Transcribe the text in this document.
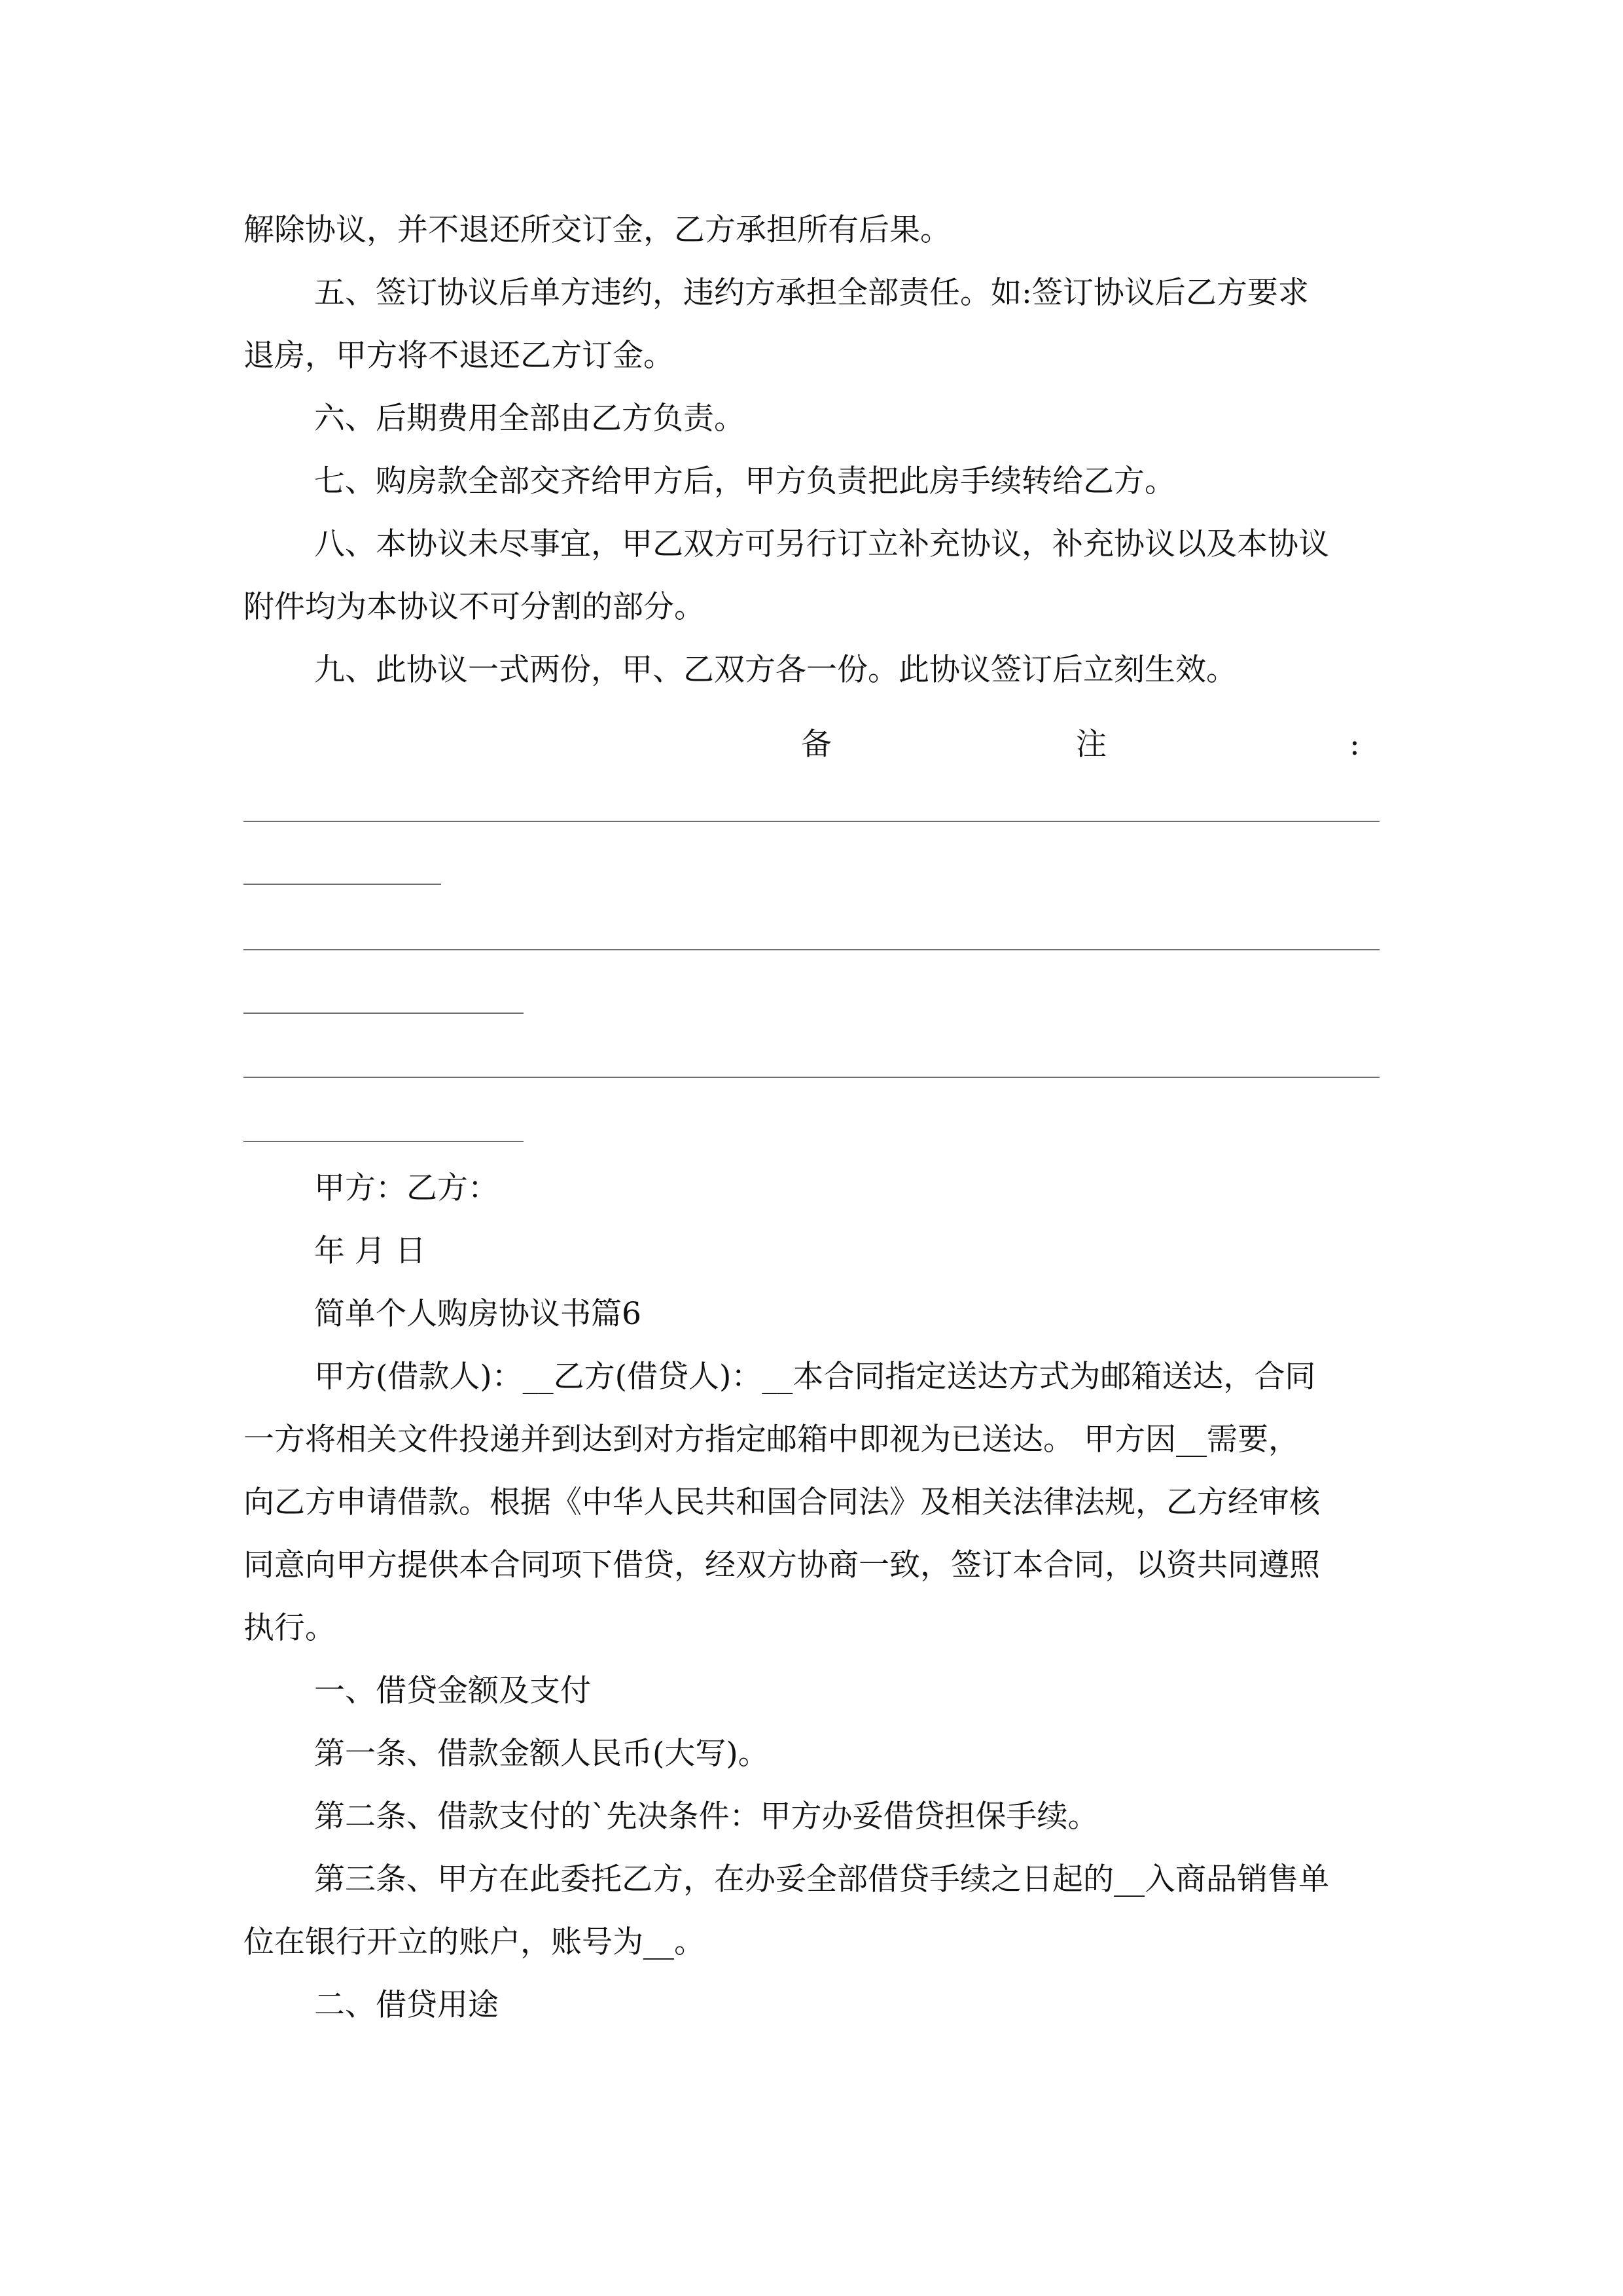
解除协议，并不退还所交订金，乙方承担所有后果。

五、签订协议后单方违约，违约方承担全部责任。如:签订协议后乙方要求

退房，甲方将不退还乙方订金。

六、后期费用全部由乙方负责。

七、购房款全部交齐给甲方后，甲方负责把此房手续转给乙方。

八、本协议未尽事宜，甲乙双方可另行订立补充协议，补充协议以及本协议

附件均为本协议不可分割的部分。

九、此协议一式两份，甲、乙双方各一份。此协议签订后立刻生效。

备	注	:

甲方：乙方：

年 月 日

简单个人购房协议书篇6

甲方(借款人)：__乙方(借贷人)：__本合同指定送达方式为邮箱送达，合同

一方将相关文件投递并到达到对方指定邮箱中即视为已送达。 甲方因__需要，

向乙方申请借款。根据《中华人民共和国合同法》及相关法律法规，乙方经审核

同意向甲方提供本合同项下借贷，经双方协商一致，签订本合同，以资共同遵照

执行。

一、借贷金额及支付

第一条、借款金额人民币(大写)。

第二条、借款支付的`先决条件：甲方办妥借贷担保手续。

第三条、甲方在此委托乙方，在办妥全部借贷手续之日起的__入商品销售单

位在银行开立的账户，账号为__。

二、借贷用途
